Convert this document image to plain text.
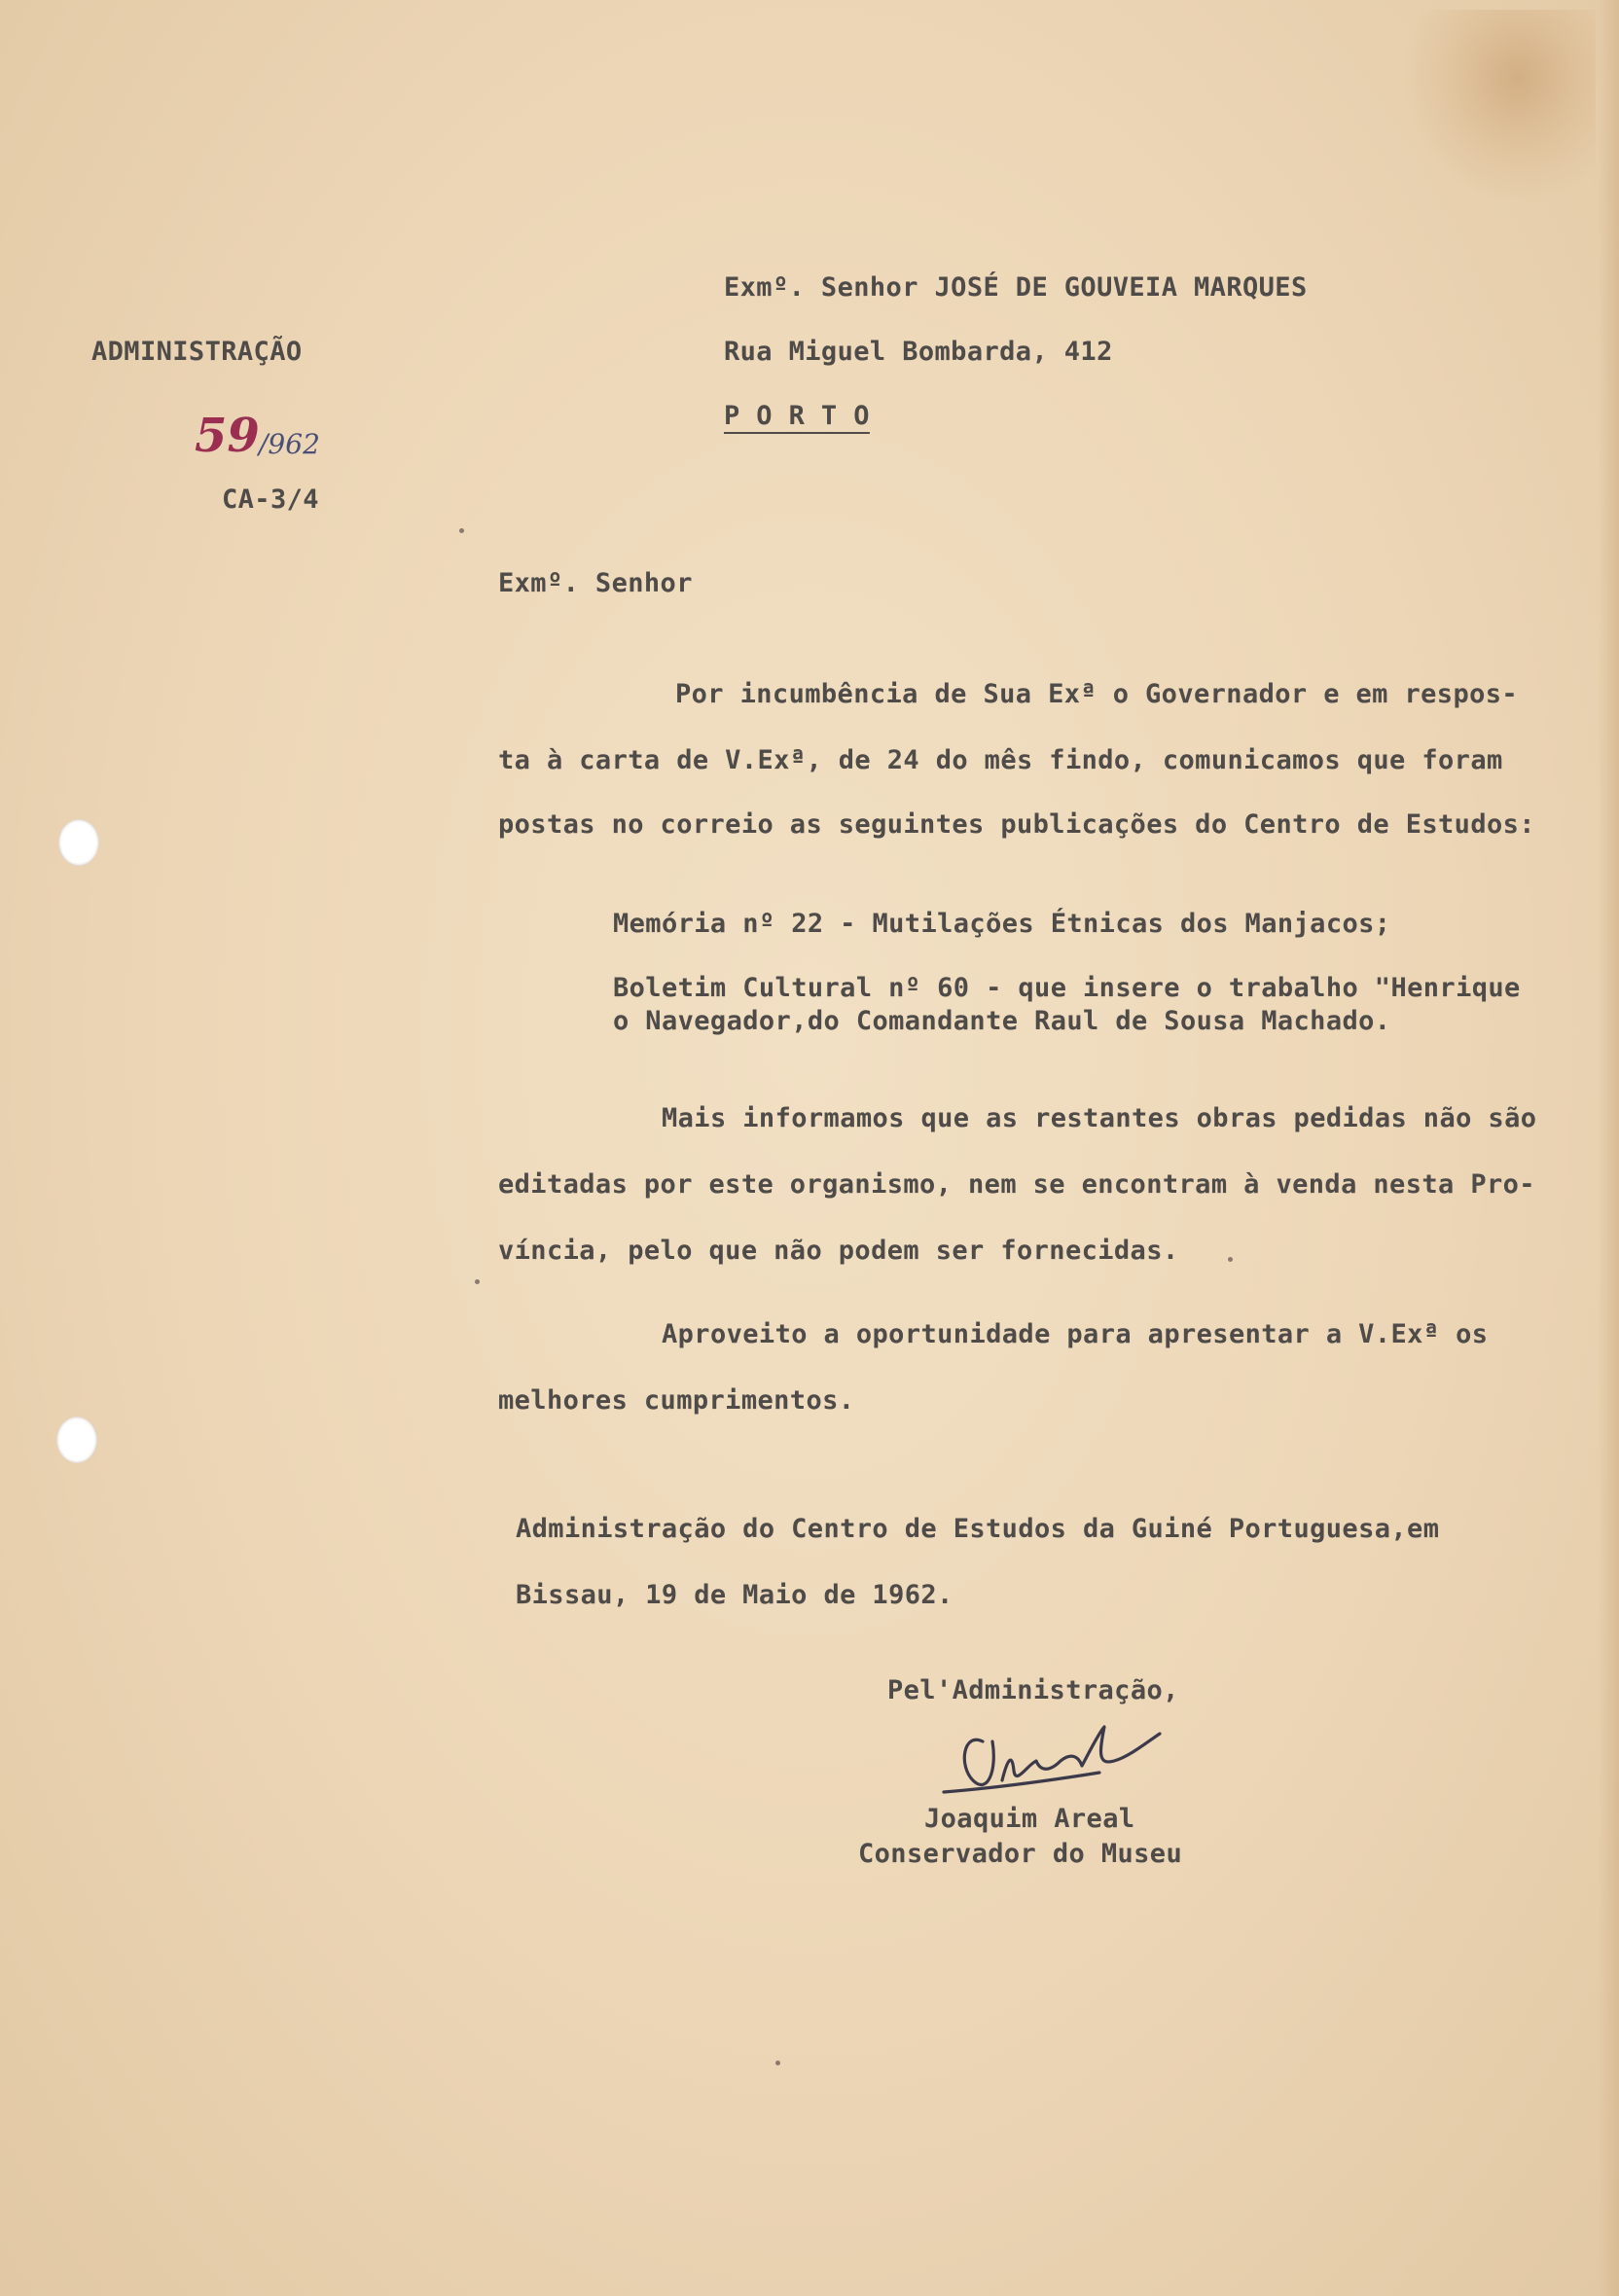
ADMINISTRAÇÃO
59 /962
CA-3/4
Exmº. Senhor JOSÉ DE GOUVEIA MARQUES
Rua Miguel Bombarda, 412
P O R T O
Exmº. Senhor
Por incumbência de Sua Exª o Governador e em respos-
ta à carta de V.Exª, de 24 do mês findo, comunicamos que foram
postas no correio as seguintes publicações do Centro de Estudos:
Memória nº 22 - Mutilações Étnicas dos Manjacos;
Boletim Cultural nº 60 - que insere o trabalho "Henrique
o Navegador,do Comandante Raul de Sousa Machado.
Mais informamos que as restantes obras pedidas não são
editadas por este organismo, nem se encontram à venda nesta Pro-
víncia, pelo que não podem ser fornecidas.
Aproveito a oportunidade para apresentar a V.Exª os
melhores cumprimentos.
Administração do Centro de Estudos da Guiné Portuguesa,em
Bissau, 19 de Maio de 1962.
Pel'Administração,
Joaquim Areal
Conservador do Museu
